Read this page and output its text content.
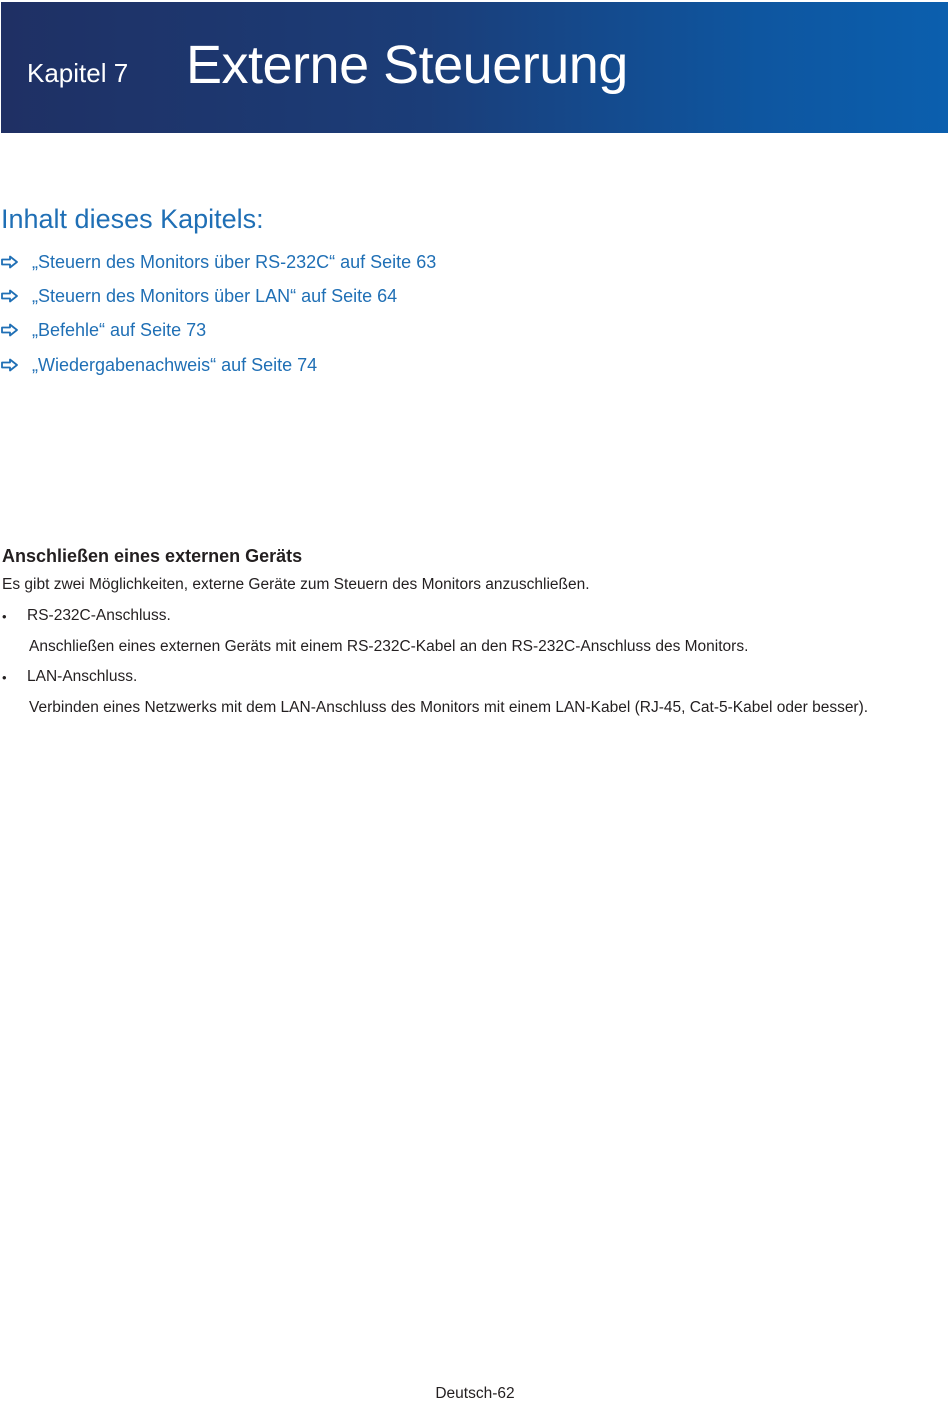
Kapitel 7 Externe Steuerung
Inhalt dieses Kapitels:
„Steuern des Monitors über RS-232C“ auf Seite 63
„Steuern des Monitors über LAN“ auf Seite 64
„Befehle“ auf Seite 73
„Wiedergabenachweis“ auf Seite 74
Anschließen eines externen Geräts
Es gibt zwei Möglichkeiten, externe Geräte zum Steuern des Monitors anzuschließen.
• RS-232C-Anschluss.
Anschließen eines externen Geräts mit einem RS-232C-Kabel an den RS-232C-Anschluss des Monitors.
• LAN-Anschluss.
Verbinden eines Netzwerks mit dem LAN-Anschluss des Monitors mit einem LAN-Kabel (RJ-45, Cat-5-Kabel oder besser).
Deutsch-62
